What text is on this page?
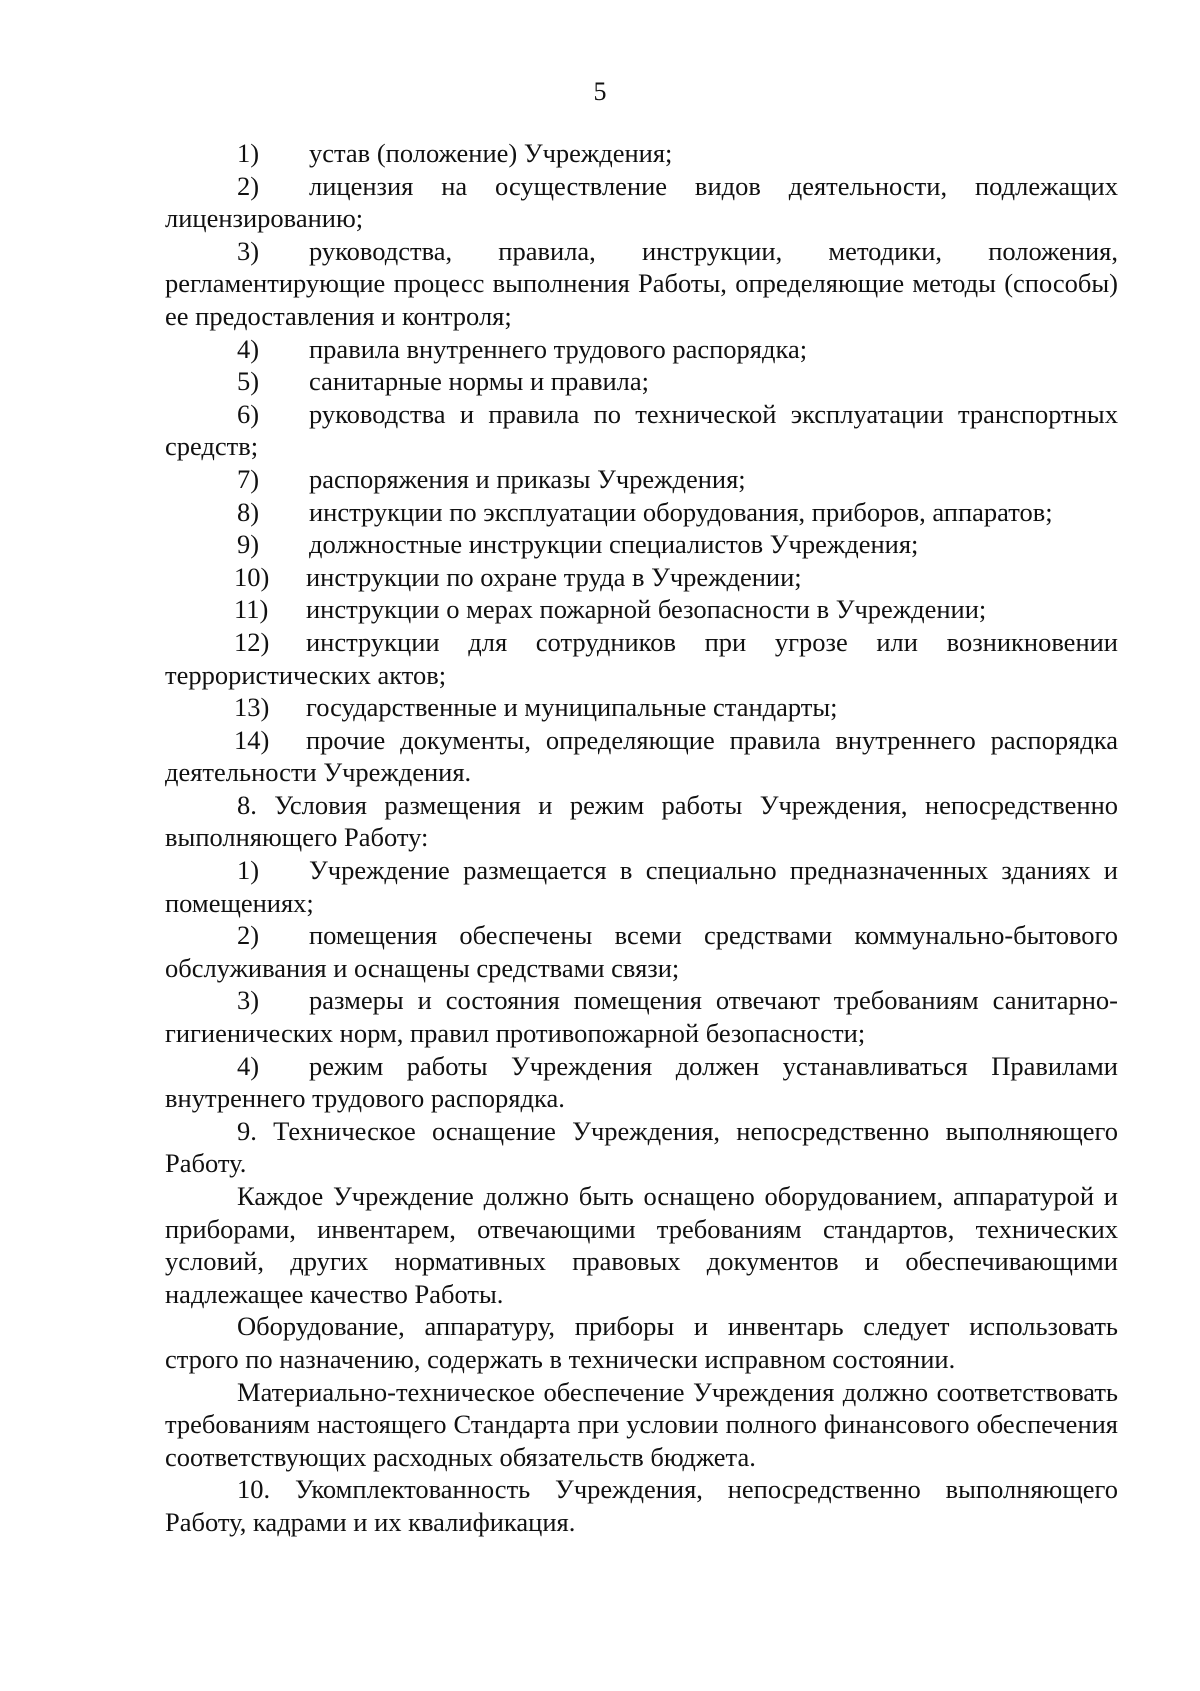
5

1) устав (положение) Учреждения;

2) лицензия на осуществление видов деятельности, подлежащих лицензированию;

3) руководства, правила, инструкции, методики, положения, регламентирующие процесс выполнения Работы, определяющие методы (способы) ее предоставления и контроля;

4) правила внутреннего трудового распорядка;

5) санитарные нормы и правила;

6) руководства и правила по технической эксплуатации транспортных средств;

7) распоряжения и приказы Учреждения;

8) инструкции по эксплуатации оборудования, приборов, аппаратов;

9) должностные инструкции специалистов Учреждения;

10) инструкции по охране труда в Учреждении;

11) инструкции о мерах пожарной безопасности в Учреждении;

12) инструкции для сотрудников при угрозе или возникновении террористических актов;

13) государственные и муниципальные стандарты;

14) прочие документы, определяющие правила внутреннего распорядка деятельности Учреждения.

8. Условия размещения и режим работы Учреждения, непосредственно выполняющего Работу:

1) Учреждение размещается в специально предназначенных зданиях и помещениях;

2) помещения обеспечены всеми средствами коммунально-бытового обслуживания и оснащены средствами связи;

3) размеры и состояния помещения отвечают требованиям санитарно-гигиенических норм, правил противопожарной безопасности;

4) режим работы Учреждения должен устанавливаться Правилами внутреннего трудового распорядка.

9. Техническое оснащение Учреждения, непосредственно выполняющего Работу.

Каждое Учреждение должно быть оснащено оборудованием, аппаратурой и приборами, инвентарем, отвечающими требованиям стандартов, технических условий, других нормативных правовых документов и обеспечивающими надлежащее качество Работы.

Оборудование, аппаратуру, приборы и инвентарь следует использовать строго по назначению, содержать в технически исправном состоянии.

Материально-техническое обеспечение Учреждения должно соответствовать требованиям настоящего Стандарта при условии полного финансового обеспечения соответствующих расходных обязательств бюджета.

10. Укомплектованность Учреждения, непосредственно выполняющего Работу, кадрами и их квалификация.
